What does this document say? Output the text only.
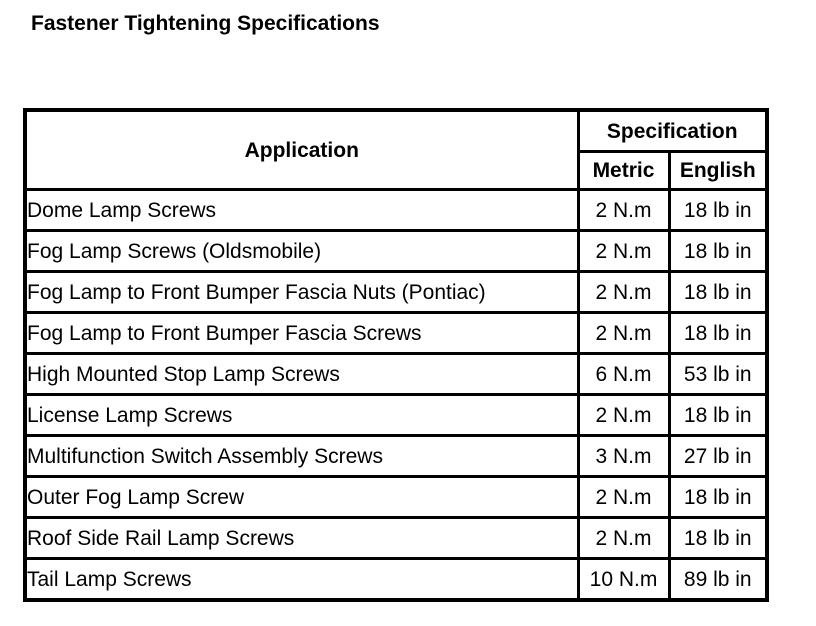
Fastener Tightening Specifications
Application	Specification	
	Metric	English
Dome Lamp Screws	2 N.m	18 lb in
Fog Lamp Screws (Oldsmobile)	2 N.m	18 lb in
Fog Lamp to Front Bumper Fascia Nuts (Pontiac)	2 N.m	18 lb in
Fog Lamp to Front Bumper Fascia Screws	2 N.m	18 lb in
High Mounted Stop Lamp Screws	6 N.m	53 lb in
License Lamp Screws	2 N.m	18 lb in
Multifunction Switch Assembly Screws	3 N.m	27 lb in
Outer Fog Lamp Screw	2 N.m	18 lb in
Roof Side Rail Lamp Screws	2 N.m	18 lb in
Tail Lamp Screws	10 N.m	89 lb in
